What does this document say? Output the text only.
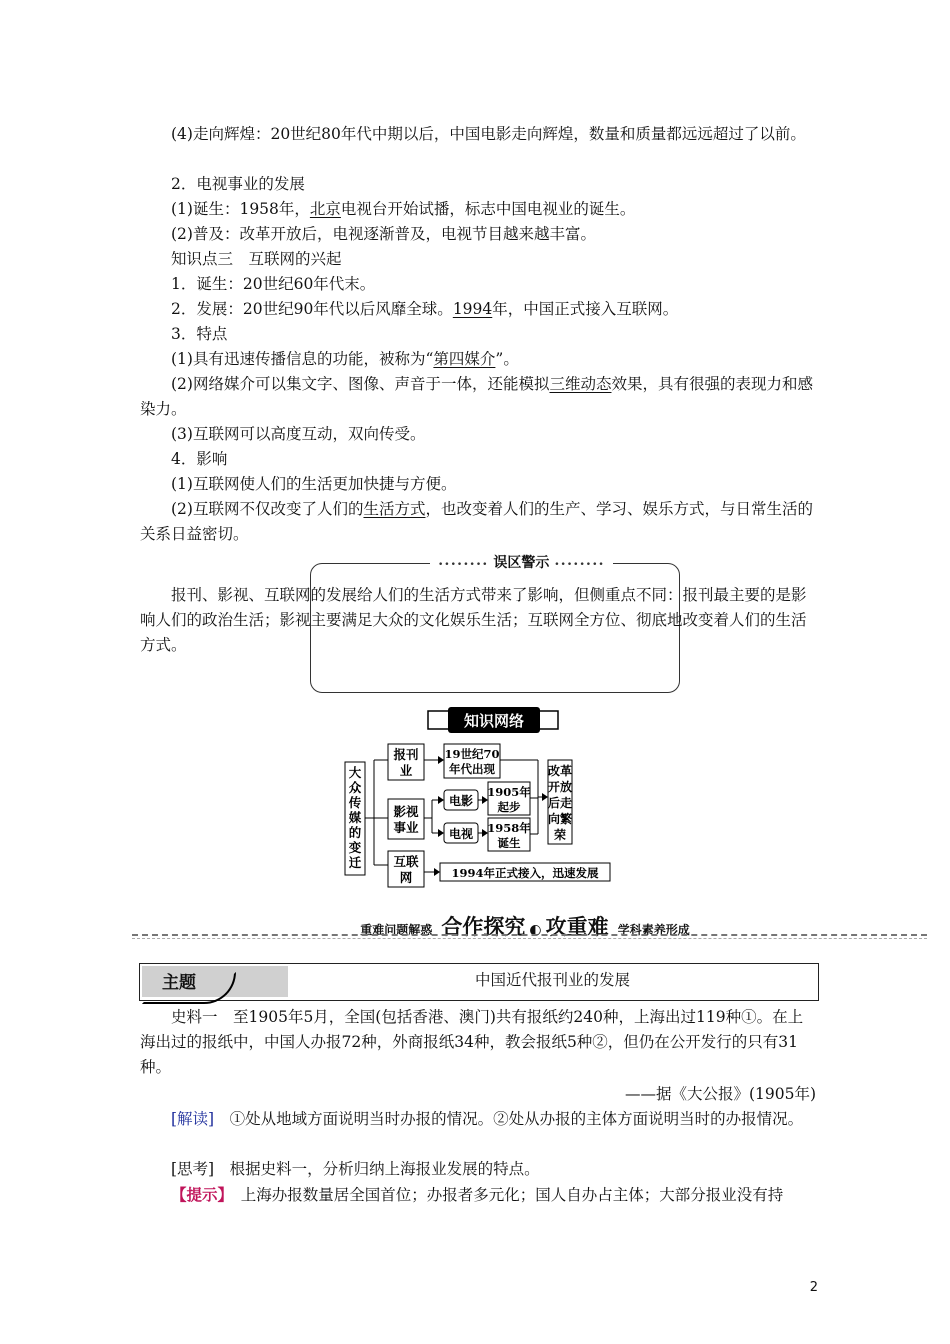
(4)走向辉煌：20世纪80年代中期以后，中国电影走向辉煌，数量和质量都远远超过了以前。

2．电视事业的发展

(1)诞生：1958年，北京电视台开始试播，标志中国电视业的诞生。

(2)普及：改革开放后，电视逐渐普及，电视节目越来越丰富。

知识点三　互联网的兴起

1．诞生：20世纪60年代末。

2．发展：20世纪90年代以后风靡全球。1994年，中国正式接入互联网。

3．特点

(1)具有迅速传播信息的功能，被称为“第四媒介”。

(2)网络媒介可以集文字、图像、声音于一体，还能模拟三维动态效果，具有很强的表现力和感染力。

(3)互联网可以高度互动，双向传受。

4．影响

(1)互联网使人们的生活更加快捷与方便。

(2)互联网不仅改变了人们的生活方式，也改变着人们的生产、学习、娱乐方式，与日常生活的关系日益密切。

•••••••• 误区警示 ••••••••

报刊、影视、互联网的发展给人们的生活方式带来了影响，但侧重点不同：报刊最主要的是影响人们的政治生活；影视主要满足大众的文化娱乐生活；互联网全方位、彻底地改变着人们的生活方式。

知识网络
大
众
传
媒
的
变
迁
报刊
业
19世纪70
年代出现
影视
事业
电影
电视
1905年
起步
1958年
诞生
改革
开放
后走
向繁
荣
互联
网	1994年正式接入，迅速发展
重难问题解惑 合作探究 ◐ 攻重难 学科素养形成
主题	中国近代报刊业的发展

史料一　至1905年5月，全国(包括香港、澳门)共有报纸约240种，上海出过119种①。在上海出过的报纸中，中国人办报72种，外商报纸34种，教会报纸5种②，但仍在公开发行的只有31种。

——据《大公报》(1905年)

[解读]　①处从地域方面说明当时办报的情况。②处从办报的主体方面说明当时的办报情况。

[思考]　根据史料一，分析归纳上海报业发展的特点。

【提示】　上海办报数量居全国首位；办报者多元化；国人自办占主体；大部分报业没有持

2
